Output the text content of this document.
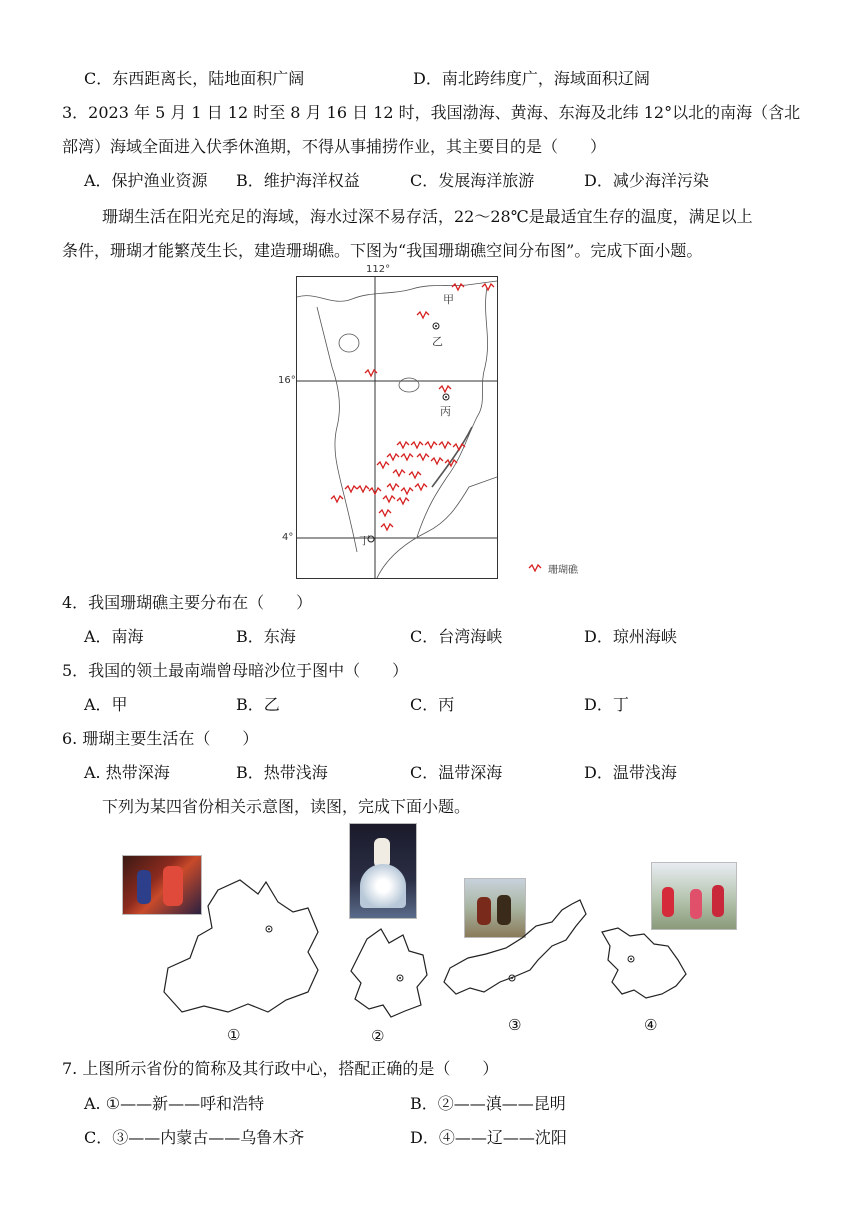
C．东西距离长，陆地面积广阔	D．南北跨纬度广，海域面积辽阔
3．2023 年 5 月 1 日 12 时至 8 月 16 日 12 时，我国渤海、黄海、东海及北纬 12°以北的南海（含北
部湾）海域全面进入伏季休渔期，不得从事捕捞作业，其主要目的是（　　）
A．保护渔业资源 B．维护海洋权益	C．发展海洋旅游	D．减少海洋污染
珊瑚生活在阳光充足的海域，海水过深不易存活，22～28℃是最适宜生存的温度，满足以上
条件，珊瑚才能繁茂生长，建造珊瑚礁。下图为“我国珊瑚礁空间分布图”。完成下面小题。
112°
16°
4°
甲
乙
丙
丁
珊瑚礁
4．我国珊瑚礁主要分布在（　　）
A．南海	B．东海	C．台湾海峡	D．琼州海峡
5．我国的领土最南端曾母暗沙位于图中（　　）
A．甲	B．乙	C．丙	D．丁
6. 珊瑚主要生活在（　　）
A. 热带深海	B．热带浅海	C．温带深海	D．温带浅海
下列为某四省份相关示意图，读图，完成下面小题。
①	②
③	④
7. 上图所示省份的简称及其行政中心，搭配正确的是（　　）
A. ①——新——呼和浩特	B．②——滇——昆明
C．③——内蒙古——乌鲁木齐	D．④——辽——沈阳
